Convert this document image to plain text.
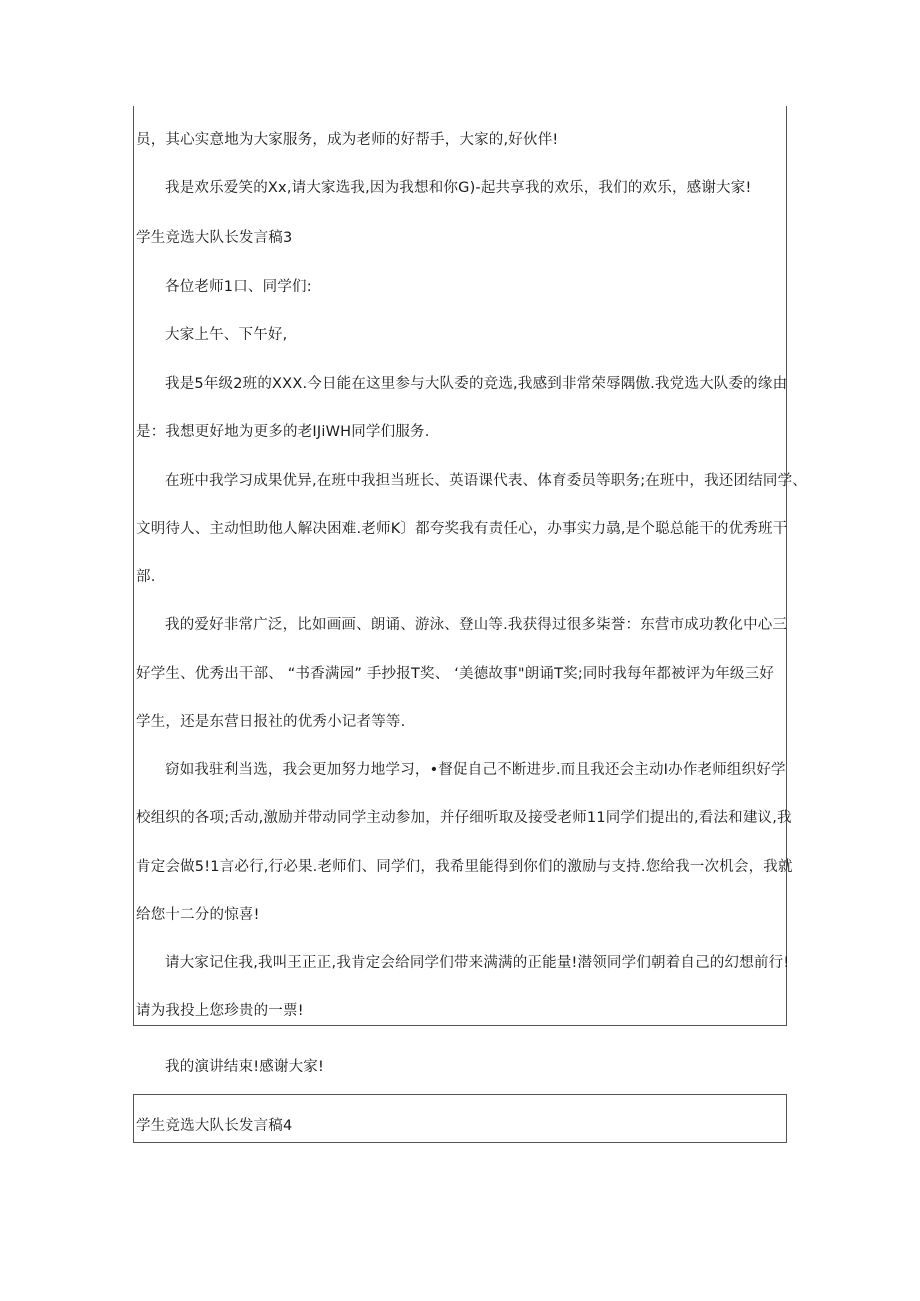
员，其心实意地为大家服务，成为老师的好帮手，大家的,好伙伴!
我是欢乐爱笑的Xx,请大家选我,因为我想和你G)-起共享我的欢乐，我们的欢乐，感谢大家!
学生竞选大队长发言稿3
各位老师1口、同学们:
大家上午、下午好,
我是5年级2班的XXX.今日能在这里参与大队委的竞选,我感到非常荣辱隅傲.我党选大队委的缘由
是：我想更好地为更多的老IJiWH同学们服务.
在班中我学习成果优异,在班中我担当班长、英语课代表、体育委员等职务;在班中，我还团结同学、
文明待人、主动怛助他人解决困难.老师K〕都夸奖我有责任心，办事实力骉,是个聪总能干的优秀班干
部.
我的爱好非常广泛，比如画画、朗诵、游泳、登山等.我获得过很多柒誉：东营市成功教化中心三
好学生、优秀出干部、 “书香满园” 手抄报T奖、 ‘美德故事"朗诵T奖;同时我每年都被评为年级三好
学生，还是东营日报社的优秀小记者等等.
窃如我驻利当选，我会更加努力地学习，•督促自己不断进步.而且我还会主动I办作老师组织好学
校组织的各项;舌动,激励并带动同学主动参加，并仔细听取及接受老师11同学们提出的,看法和建议,我
肯定会做5!1言必行,行必果.老师们、同学们，我希里能得到你们的激励与支持.您给我一次机会，我就
给您十二分的惊喜!
请大家记住我,我叫王正正,我肯定会给同学们带来满满的正能量!潜领同学们朝着自己的幻想前行!
请为我投上您珍贵的一票!
我的演讲结束!感谢大家!
学生竞选大队长发言稿4
